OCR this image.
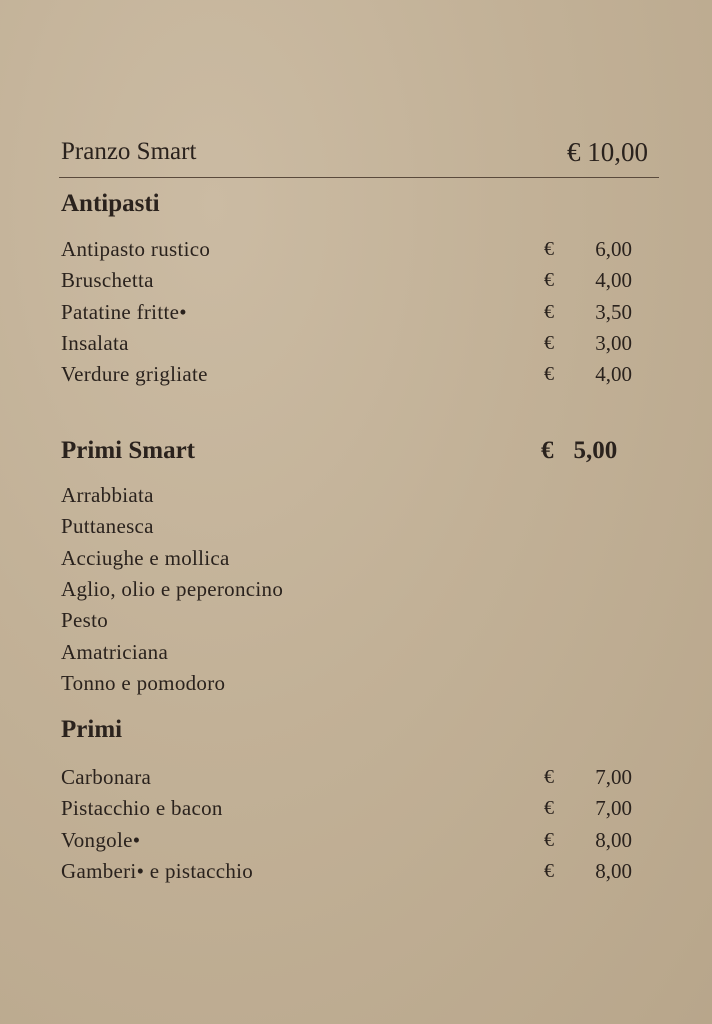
Pranzo Smart	€ 10,00
Antipasti
Antipasto rustico	€ 6,00
Bruschetta	€ 4,00
Patatine fritte•	€ 3,50
Insalata	€ 3,00
Verdure grigliate	€ 4,00
Primi Smart	€ 5,00
Arrabbiata
Puttanesca
Acciughe e mollica
Aglio, olio e peperoncino
Pesto
Amatriciana
Tonno e pomodoro
Primi
Carbonara	€ 7,00
Pistacchio e bacon	€ 7,00
Vongole•	€ 8,00
Gamberi• e pistacchio	€ 8,00
